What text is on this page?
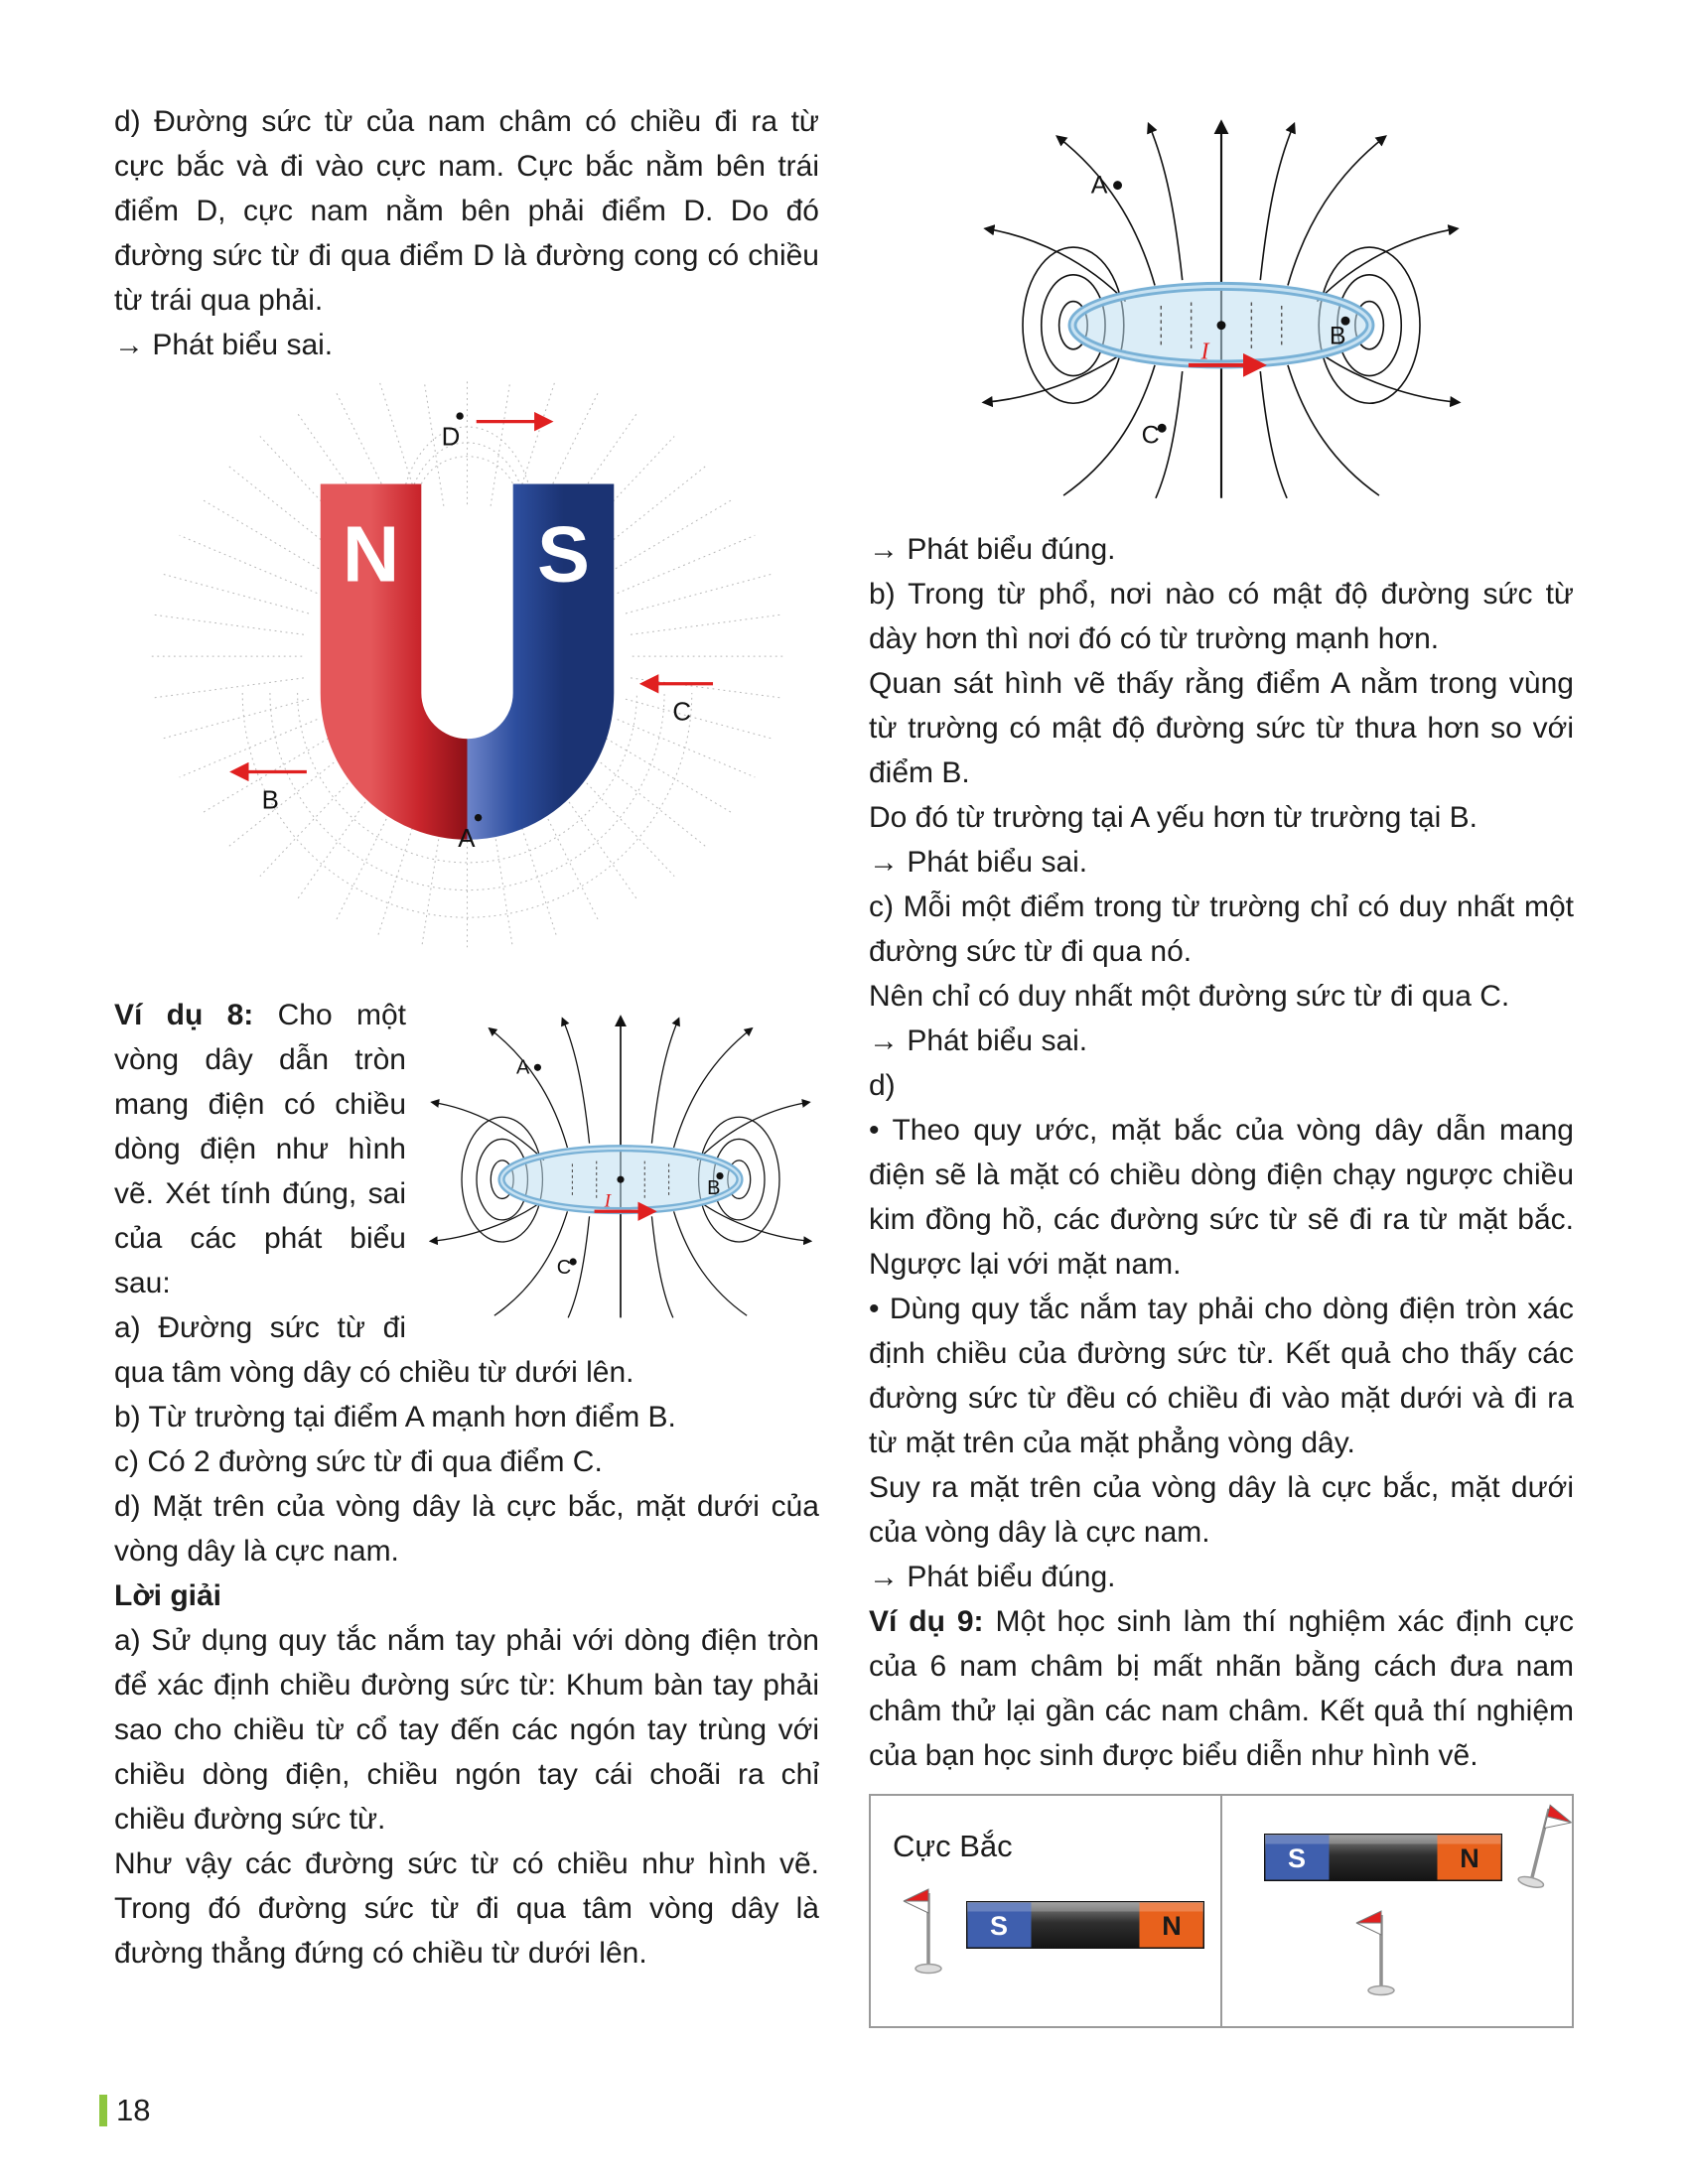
d) Đường sức từ của nam châm có chiều đi ra từ cực bắc và đi vào cực nam. Cực bắc nằm bên trái điểm D, cực nam nằm bên phải điểm D. Do đó đường sức từ đi qua điểm D là đường cong có chiều từ trái qua phải.

→ Phát biểu sai.

N S
D
C
B
A
A
B
C
I

Ví dụ 8: Cho một vòng dây dẫn tròn mang điện có chiều dòng điện như hình vẽ. Xét tính đúng, sai của các phát biểu sau:

a) Đường sức từ đi qua tâm vòng dây có chiều từ dưới lên.

b) Từ trường tại điểm A mạnh hơn điểm B.

c) Có 2 đường sức từ đi qua điểm C.

d) Mặt trên của vòng dây là cực bắc, mặt dưới của vòng dây là cực nam.

Lời giải

a) Sử dụng quy tắc nắm tay phải với dòng điện tròn để xác định chiều đường sức từ: Khum bàn tay phải sao cho chiều từ cổ tay đến các ngón tay trùng với chiều dòng điện, chiều ngón tay cái choãi ra chỉ chiều đường sức từ.

Như vậy các đường sức từ có chiều như hình vẽ. Trong đó đường sức từ đi qua tâm vòng dây là đường thẳng đứng có chiều từ dưới lên.

A
B
C
I

→ Phát biểu đúng.

b) Trong từ phổ, nơi nào có mật độ đường sức từ dày hơn thì nơi đó có từ trường mạnh hơn.

Quan sát hình vẽ thấy rằng điểm A nằm trong vùng từ trường có mật độ đường sức từ thưa hơn so với điểm B.

Do đó từ trường tại A yếu hơn từ trường tại B.

→ Phát biểu sai.

c) Mỗi một điểm trong từ trường chỉ có duy nhất một đường sức từ đi qua nó.

Nên chỉ có duy nhất một đường sức từ đi qua C.

→ Phát biểu sai.

d)

• Theo quy ước, mặt bắc của vòng dây dẫn mang điện sẽ là mặt có chiều dòng điện chạy ngược chiều kim đồng hồ, các đường sức từ sẽ đi ra từ mặt bắc. Ngược lại với mặt nam.

• Dùng quy tắc nắm tay phải cho dòng điện tròn xác định chiều của đường sức từ. Kết quả cho thấy các đường sức từ đều có chiều đi vào mặt dưới và đi ra từ mặt trên của mặt phẳng vòng dây.

Suy ra mặt trên của vòng dây là cực bắc, mặt dưới của vòng dây là cực nam.

→ Phát biểu đúng.

Ví dụ 9: Một học sinh làm thí nghiệm xác định cực của 6 nam châm bị mất nhãn bằng cách đưa nam châm thử lại gần các nam châm. Kết quả thí nghiệm của bạn học sinh được biểu diễn như hình vẽ.

Cực Bắc
S	N
S	N
18
